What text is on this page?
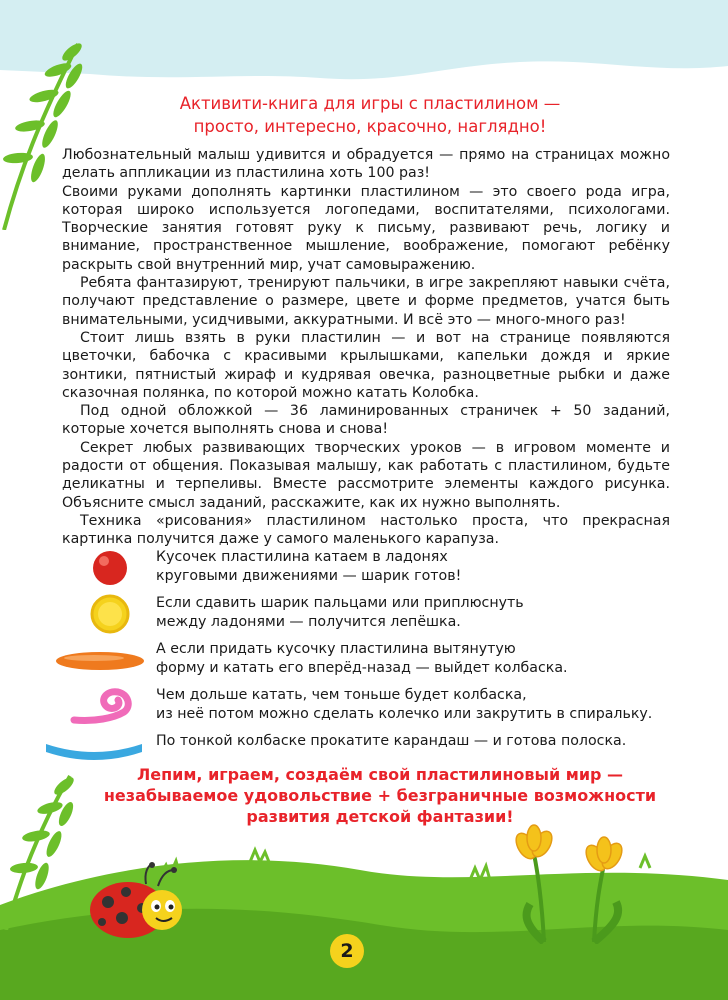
Активити-книга для игры с пластилином —
просто, интересно, красочно, наглядно!

Любознательный малыш удивится и обрадуется — прямо на страницах можно делать аппликации из пластилина хоть 100 раз!

Своими руками дополнять картинки пластилином — это своего рода игра, которая широко используется логопедами, воспитателями, психологами. Творческие занятия готовят руку к письму, развивают речь, логику и внимание, пространственное мышление, воображение, помогают ребёнку раскрыть свой внутренний мир, учат самовыражению.

Ребята фантазируют, тренируют пальчики, в игре закрепляют навыки счёта, получают представление о размере, цвете и форме предметов, учатся быть внимательными, усидчивыми, аккуратными. И всё это — много-много раз!

Стоит лишь взять в руки пластилин — и вот на странице появляются цветочки, бабочка с красивыми крылышками, капельки дождя и яркие зонтики, пятнистый жираф и кудрявая овечка, разноцветные рыбки и даже сказочная полянка, по которой можно катать Колобка.

Под одной обложкой — 36 ламинированных страничек + 50 заданий, которые хочется выполнять снова и снова!

Секрет любых развивающих творческих уроков — в игровом моменте и радости от общения. Показывая малышу, как работать с пластилином, будьте деликатны и терпеливы. Вместе рассмотрите элементы каждого рисунка. Объясните смысл заданий, расскажите, как их нужно выполнять.

Техника «рисования» пластилином настолько проста, что прекрасная картинка получится даже у самого маленького карапуза.

Кусочек пластилина катаем в ладонях
круговыми движениями — шарик готов!
Если сдавить шарик пальцами или приплюснуть
между ладонями — получится лепёшка.
А если придать кусочку пластилина вытянутую
форму и катать его вперёд-назад — выйдет колбаска.
Чем дольше катать, чем тоньше будет колбаска,
из неё потом можно сделать колечко или закрутить в спиральку.
По тонкой колбаске прокатите карандаш — и готова полоска.
Лепим, играем, создаём свой пластилиновый мир —
незабываемое удовольствие + безграничные возможности
развития детской фантазии!
2
